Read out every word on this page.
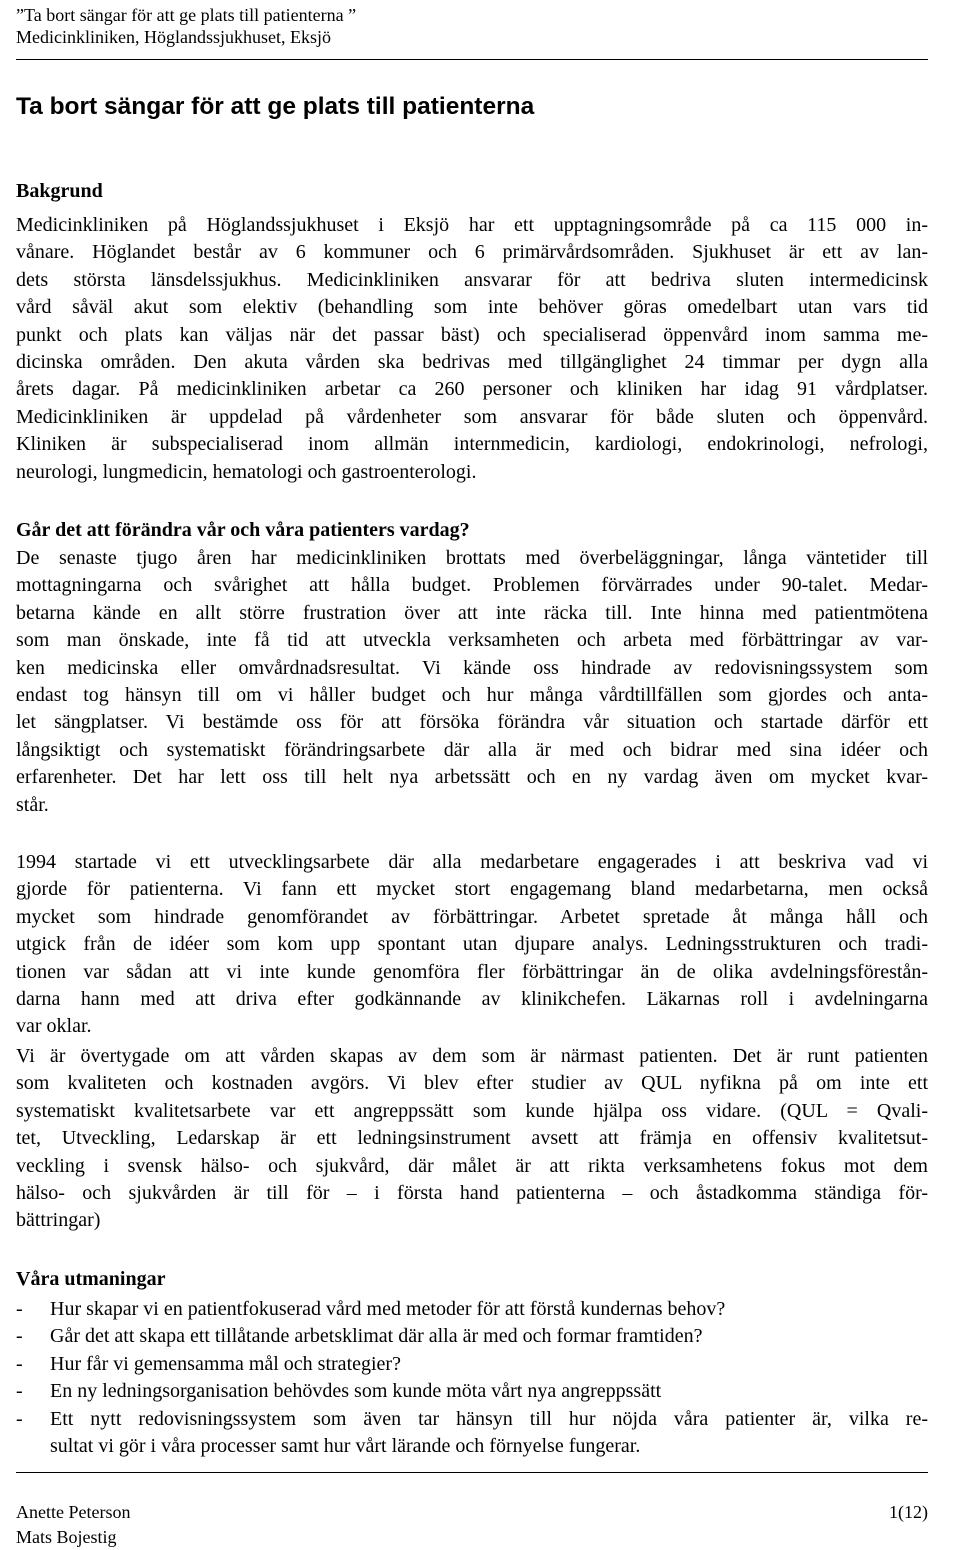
”Ta bort sängar för att ge plats till patienterna ”
Medicinkliniken, Höglandssjukhuset, Eksjö
Ta bort sängar för att ge plats till patienterna
Bakgrund
Medicinkliniken på Höglandssjukhuset i Eksjö har ett upptagningsområde på ca 115 000 in-
vånare. Höglandet består av 6 kommuner och 6 primärvårdsområden. Sjukhuset är ett av lan-
dets största länsdelssjukhus. Medicinkliniken ansvarar för att bedriva sluten intermedicinsk
vård såväl akut som elektiv (behandling som inte behöver göras omedelbart utan vars tid
punkt och plats kan väljas när det passar bäst) och specialiserad öppenvård inom samma me-
dicinska områden. Den akuta vården ska bedrivas med tillgänglighet 24 timmar per dygn alla
årets dagar. På medicinkliniken arbetar ca 260 personer och kliniken har idag 91 vårdplatser.
Medicinkliniken är uppdelad på vårdenheter som ansvarar för både sluten och öppenvård.
Kliniken är subspecialiserad inom allmän internmedicin, kardiologi, endokrinologi, nefrologi,
neurologi, lungmedicin, hematologi och gastroenterologi.
Går det att förändra vår och våra patienters vardag?
De senaste tjugo åren har medicinkliniken brottats med överbeläggningar, långa väntetider till
mottagningarna och svårighet att hålla budget. Problemen förvärrades under 90-talet. Medar-
betarna kände en allt större frustration över att inte räcka till. Inte hinna med patientmötena
som man önskade, inte få tid att utveckla verksamheten och arbeta med förbättringar av var-
ken medicinska eller omvårdnadsresultat. Vi kände oss hindrade av redovisningssystem som
endast tog hänsyn till om vi håller budget och hur många vårdtillfällen som gjordes och anta-
let sängplatser. Vi bestämde oss för att försöka förändra vår situation och startade därför ett
långsiktigt och systematiskt förändringsarbete där alla är med och bidrar med sina idéer och
erfarenheter. Det har lett oss till helt nya arbetssätt och en ny vardag även om mycket kvar-
står.
1994 startade vi ett utvecklingsarbete där alla medarbetare engagerades i att beskriva vad vi
gjorde för patienterna. Vi fann ett mycket stort engagemang bland medarbetarna, men också
mycket som hindrade genomförandet av förbättringar. Arbetet spretade åt många håll och
utgick från de idéer som kom upp spontant utan djupare analys. Ledningsstrukturen och tradi-
tionen var sådan att vi inte kunde genomföra fler förbättringar än de olika avdelningsförestån-
darna hann med att driva efter godkännande av klinikchefen. Läkarnas roll i avdelningarna
var oklar.
Vi är övertygade om att vården skapas av dem som är närmast patienten. Det är runt patienten
som kvaliteten och kostnaden avgörs. Vi blev efter studier av QUL nyfikna på om inte ett
systematiskt kvalitetsarbete var ett angreppssätt som kunde hjälpa oss vidare. (QUL = Qvali-
tet, Utveckling, Ledarskap är ett ledningsinstrument avsett att främja en offensiv kvalitetsut-
veckling i svensk hälso- och sjukvård, där målet är att rikta verksamhetens fokus mot dem
hälso- och sjukvården är till för – i första hand patienterna – och åstadkomma ständiga för-
bättringar)
Våra utmaningar
- Hur skapar vi en patientfokuserad vård med metoder för att förstå kundernas behov?
- Går det att skapa ett tillåtande arbetsklimat där alla är med och formar framtiden?
- Hur får vi gemensamma mål och strategier?
- En ny ledningsorganisation behövdes som kunde möta vårt nya angreppssätt
- Ett nytt redovisningssystem som även tar hänsyn till hur nöjda våra patienter är, vilka re-
sultat vi gör i våra processer samt hur vårt lärande och förnyelse fungerar.
Anette Peterson
Mats Bojestig
1(12)
